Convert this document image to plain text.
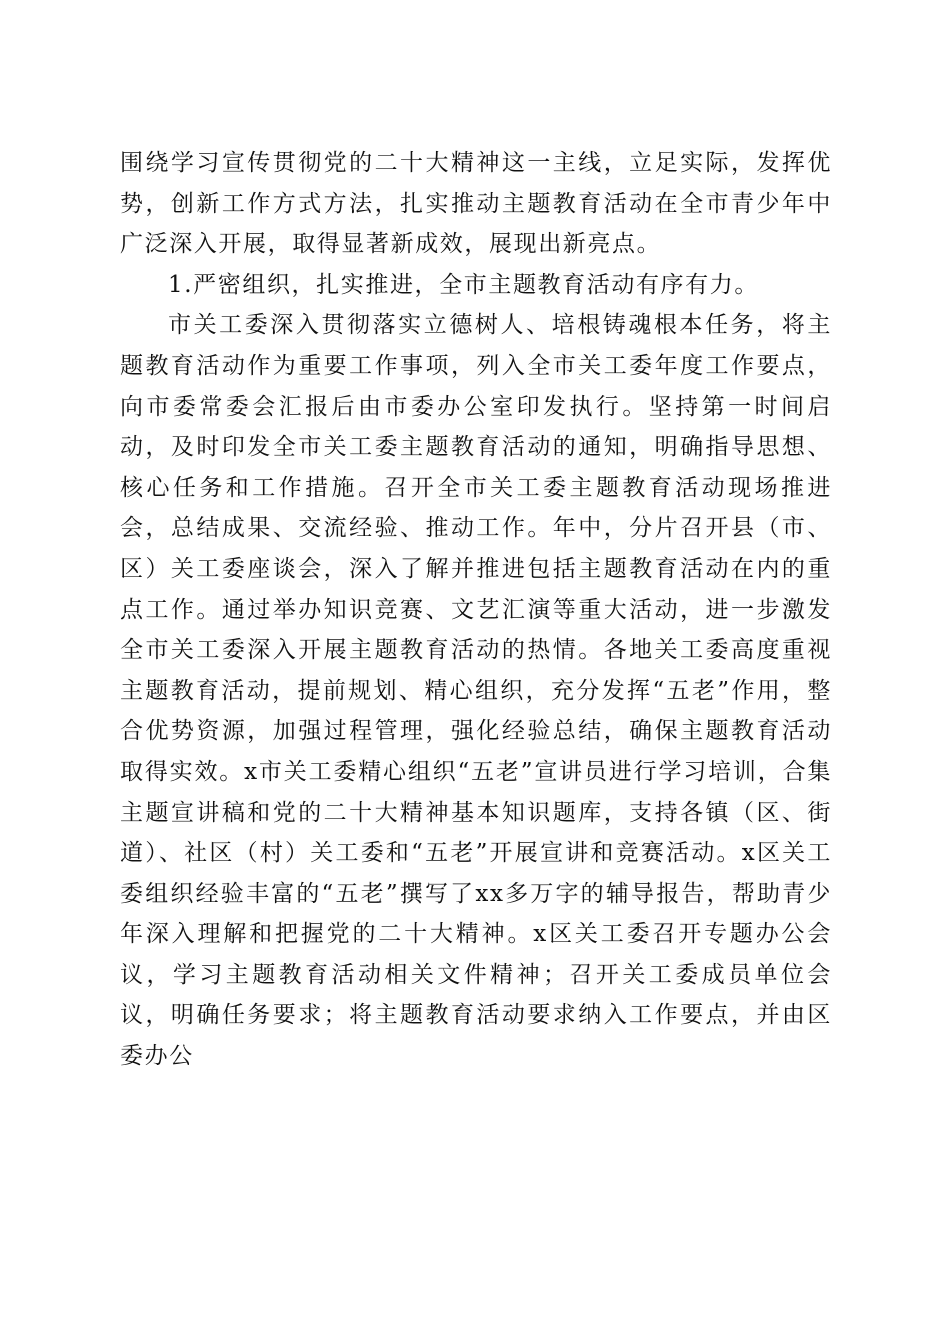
围绕学习宣传贯彻党的二十大精神这一主线，立足实际，发挥优势，创新工作方式方法，扎实推动主题教育活动在全市青少年中广泛深入开展，取得显著新成效，展现出新亮点。

1.严密组织，扎实推进，全市主题教育活动有序有力。

市关工委深入贯彻落实立德树人、培根铸魂根本任务，将主题教育活动作为重要工作事项，列入全市关工委年度工作要点，向市委常委会汇报后由市委办公室印发执行。坚持第一时间启动，及时印发全市关工委主题教育活动的通知，明确指导思想、核心任务和工作措施。召开全市关工委主题教育活动现场推进会，总结成果、交流经验、推动工作。年中，分片召开县（市、区）关工委座谈会，深入了解并推进包括主题教育活动在内的重点工作。通过举办知识竞赛、文艺汇演等重大活动，进一步激发全市关工委深入开展主题教育活动的热情。各地关工委高度重视主题教育活动，提前规划、精心组织，充分发挥“五老”作用，整合优势资源，加强过程管理，强化经验总结，确保主题教育活动取得实效。x市关工委精心组织“五老”宣讲员进行学习培训，合集主题宣讲稿和党的二十大精神基本知识题库，支持各镇（区、街道）、社区（村）关工委和“五老”开展宣讲和竞赛活动。x区关工委组织经验丰富的“五老”撰写了xx多万字的辅导报告，帮助青少年深入理解和把握党的二十大精神。x区关工委召开专题办公会议，学习主题教育活动相关文件精神；召开关工委成员单位会议，明确任务要求；将主题教育活动要求纳入工作要点，并由区委办公
